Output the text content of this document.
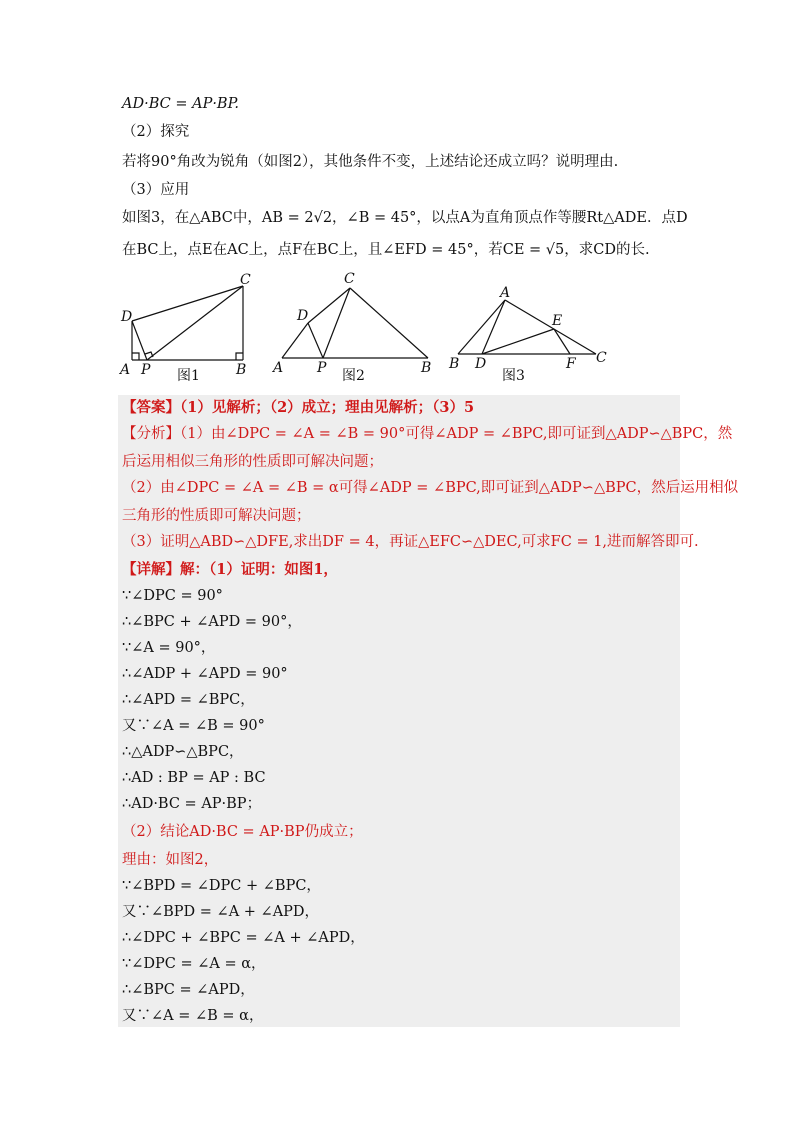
AD·BC = AP·BP.
（2）探究
若将90°角改为锐角（如图2），其他条件不变，上述结论还成立吗？说明理由.
（3）应用
如图3，在△ABC中，AB = 2√2，∠B = 45°，以点A为直角顶点作等腰Rt△ADE．点D
在BC上，点E在AC上，点F在BC上，且∠EFD = 45°，若CE = √5，求CD的长.
A P	B
C
D
图1	A P	B
C
D
图2
A
B D
E
F C
图3
【答案】（1）见解析；（2）成立；理由见解析；（3）5
【分析】（1）由∠DPC = ∠A = ∠B = 90°可得∠ADP = ∠BPC,即可证到△ADP∽△BPC，然
后运用相似三角形的性质即可解决问题；
（2）由∠DPC = ∠A = ∠B = α可得∠ADP = ∠BPC,即可证到△ADP∽△BPC，然后运用相似
三角形的性质即可解决问题；
（3）证明△ABD∽△DFE,求出DF = 4，再证△EFC∽△DEC,可求FC = 1,进而解答即可.
【详解】解：（1）证明：如图1，
∵∠DPC = 90°
∴∠BPC + ∠APD = 90°，
∵∠A = 90°，
∴∠ADP + ∠APD = 90°
∴∠APD = ∠BPC，
又∵∠A = ∠B = 90°
∴△ADP∽△BPC，
∴AD : BP = AP : BC
∴AD·BC = AP·BP；
（2）结论AD·BC = AP·BP仍成立；
理由：如图2，
∵∠BPD = ∠DPC + ∠BPC，
又∵∠BPD = ∠A + ∠APD，
∴∠DPC + ∠BPC = ∠A + ∠APD，
∵∠DPC = ∠A = α，
∴∠BPC = ∠APD，
又∵∠A = ∠B = α，
